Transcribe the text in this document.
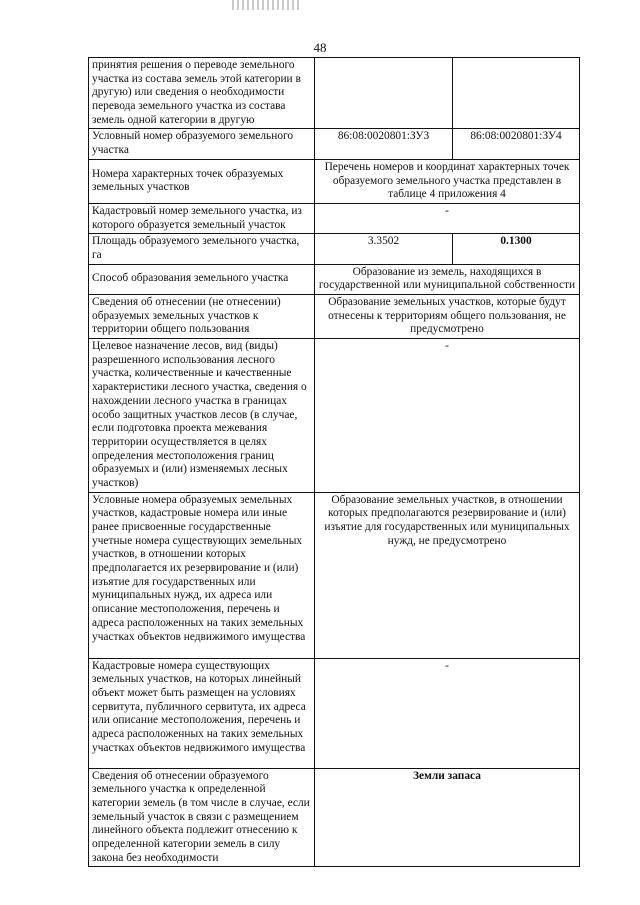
48
принятия решения о переводе земельного участка из состава земель этой категории в другую) или сведения о необходимости перевода земельного участка из состава земель одной категории в другую		
Условный номер образуемого земельного участка	86:08:0020801:ЗУ3	86:08:0020801:ЗУ4
Номера характерных точек образуемых земельных участков	Перечень номеров и координат характерных точек образуемого земельного участка представлен в таблице 4 приложения 4	
Кадастровый номер земельного участка, из которого образуется земельный участок	-	
Площадь образуемого земельного участка, га	3.3502	0.1300
Способ образования земельного участка	Образование из земель, находящихся в государственной или муниципальной собственности	
Сведения об отнесении (не отнесении) образуемых земельных участков к территории общего пользования	Образование земельных участков, которые будут отнесены к территориям общего пользования, не предусмотрено	
Целевое назначение лесов, вид (виды) разрешенного использования лесного участка, количественные и качественные характеристики лесного участка, сведения о нахождении лесного участка в границах особо защитных участков лесов (в случае, если подготовка проекта межевания территории осуществляется в целях определения местоположения границ образуемых и (или) изменяемых лесных участков)	-	
Условные номера образуемых земельных участков, кадастровые номера или иные ранее присвоенные государственные учетные номера существующих земельных участков, в отношении которых предполагается их резервирование и (или) изъятие для государственных или муниципальных нужд, их адреса или описание местоположения, перечень и адреса расположенных на таких земельных участках объектов недвижимого имущества	Образование земельных участков, в отношении которых предполагаются резервирование и (или) изъятие для государственных или муниципальных нужд, не предусмотрено	
Кадастровые номера существующих земельных участков, на которых линейный объект может быть размещен на условиях сервитута, публичного сервитута, их адреса или описание местоположения, перечень и адреса расположенных на таких земельных участках объектов недвижимого имущества	-	
Сведения об отнесении образуемого земельного участка к определенной категории земель (в том числе в случае, если земельный участок в связи с размещением линейного объекта подлежит отнесению к определенной категории земель в силу закона без необходимости	Земли запаса	
